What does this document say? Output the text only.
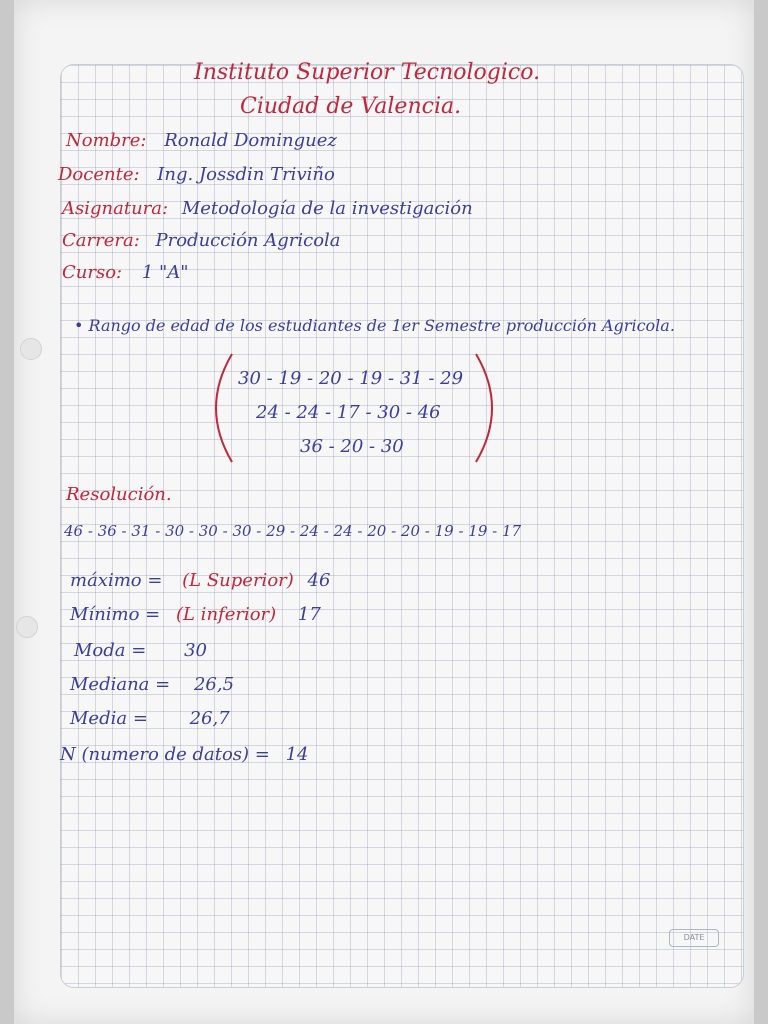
DATE
Instituto Superior Tecnologico.
Ciudad de Valencia.
Nombre: Ronald Dominguez
Docente: Ing. Jossdin Triviño
Asignatura: Metodología de la investigación
Carrera: Producción Agricola
Curso: 1 "A"
• Rango de edad de los estudiantes de 1er Semestre producción Agricola.
30 - 19 - 20 - 19 - 31 - 29
24 - 24 - 17 - 30 - 46
36 - 20 - 30
Resolución.
46 - 36 - 31 - 30 - 30 - 30 - 29 - 24 - 24 - 20 - 20 - 19 - 19 - 17
máximo = (L Superior) 46
Mínimo = (L inferior) 17
Moda = 30
Mediana = 26,5
Media = 26,7
N (numero de datos) = 14
